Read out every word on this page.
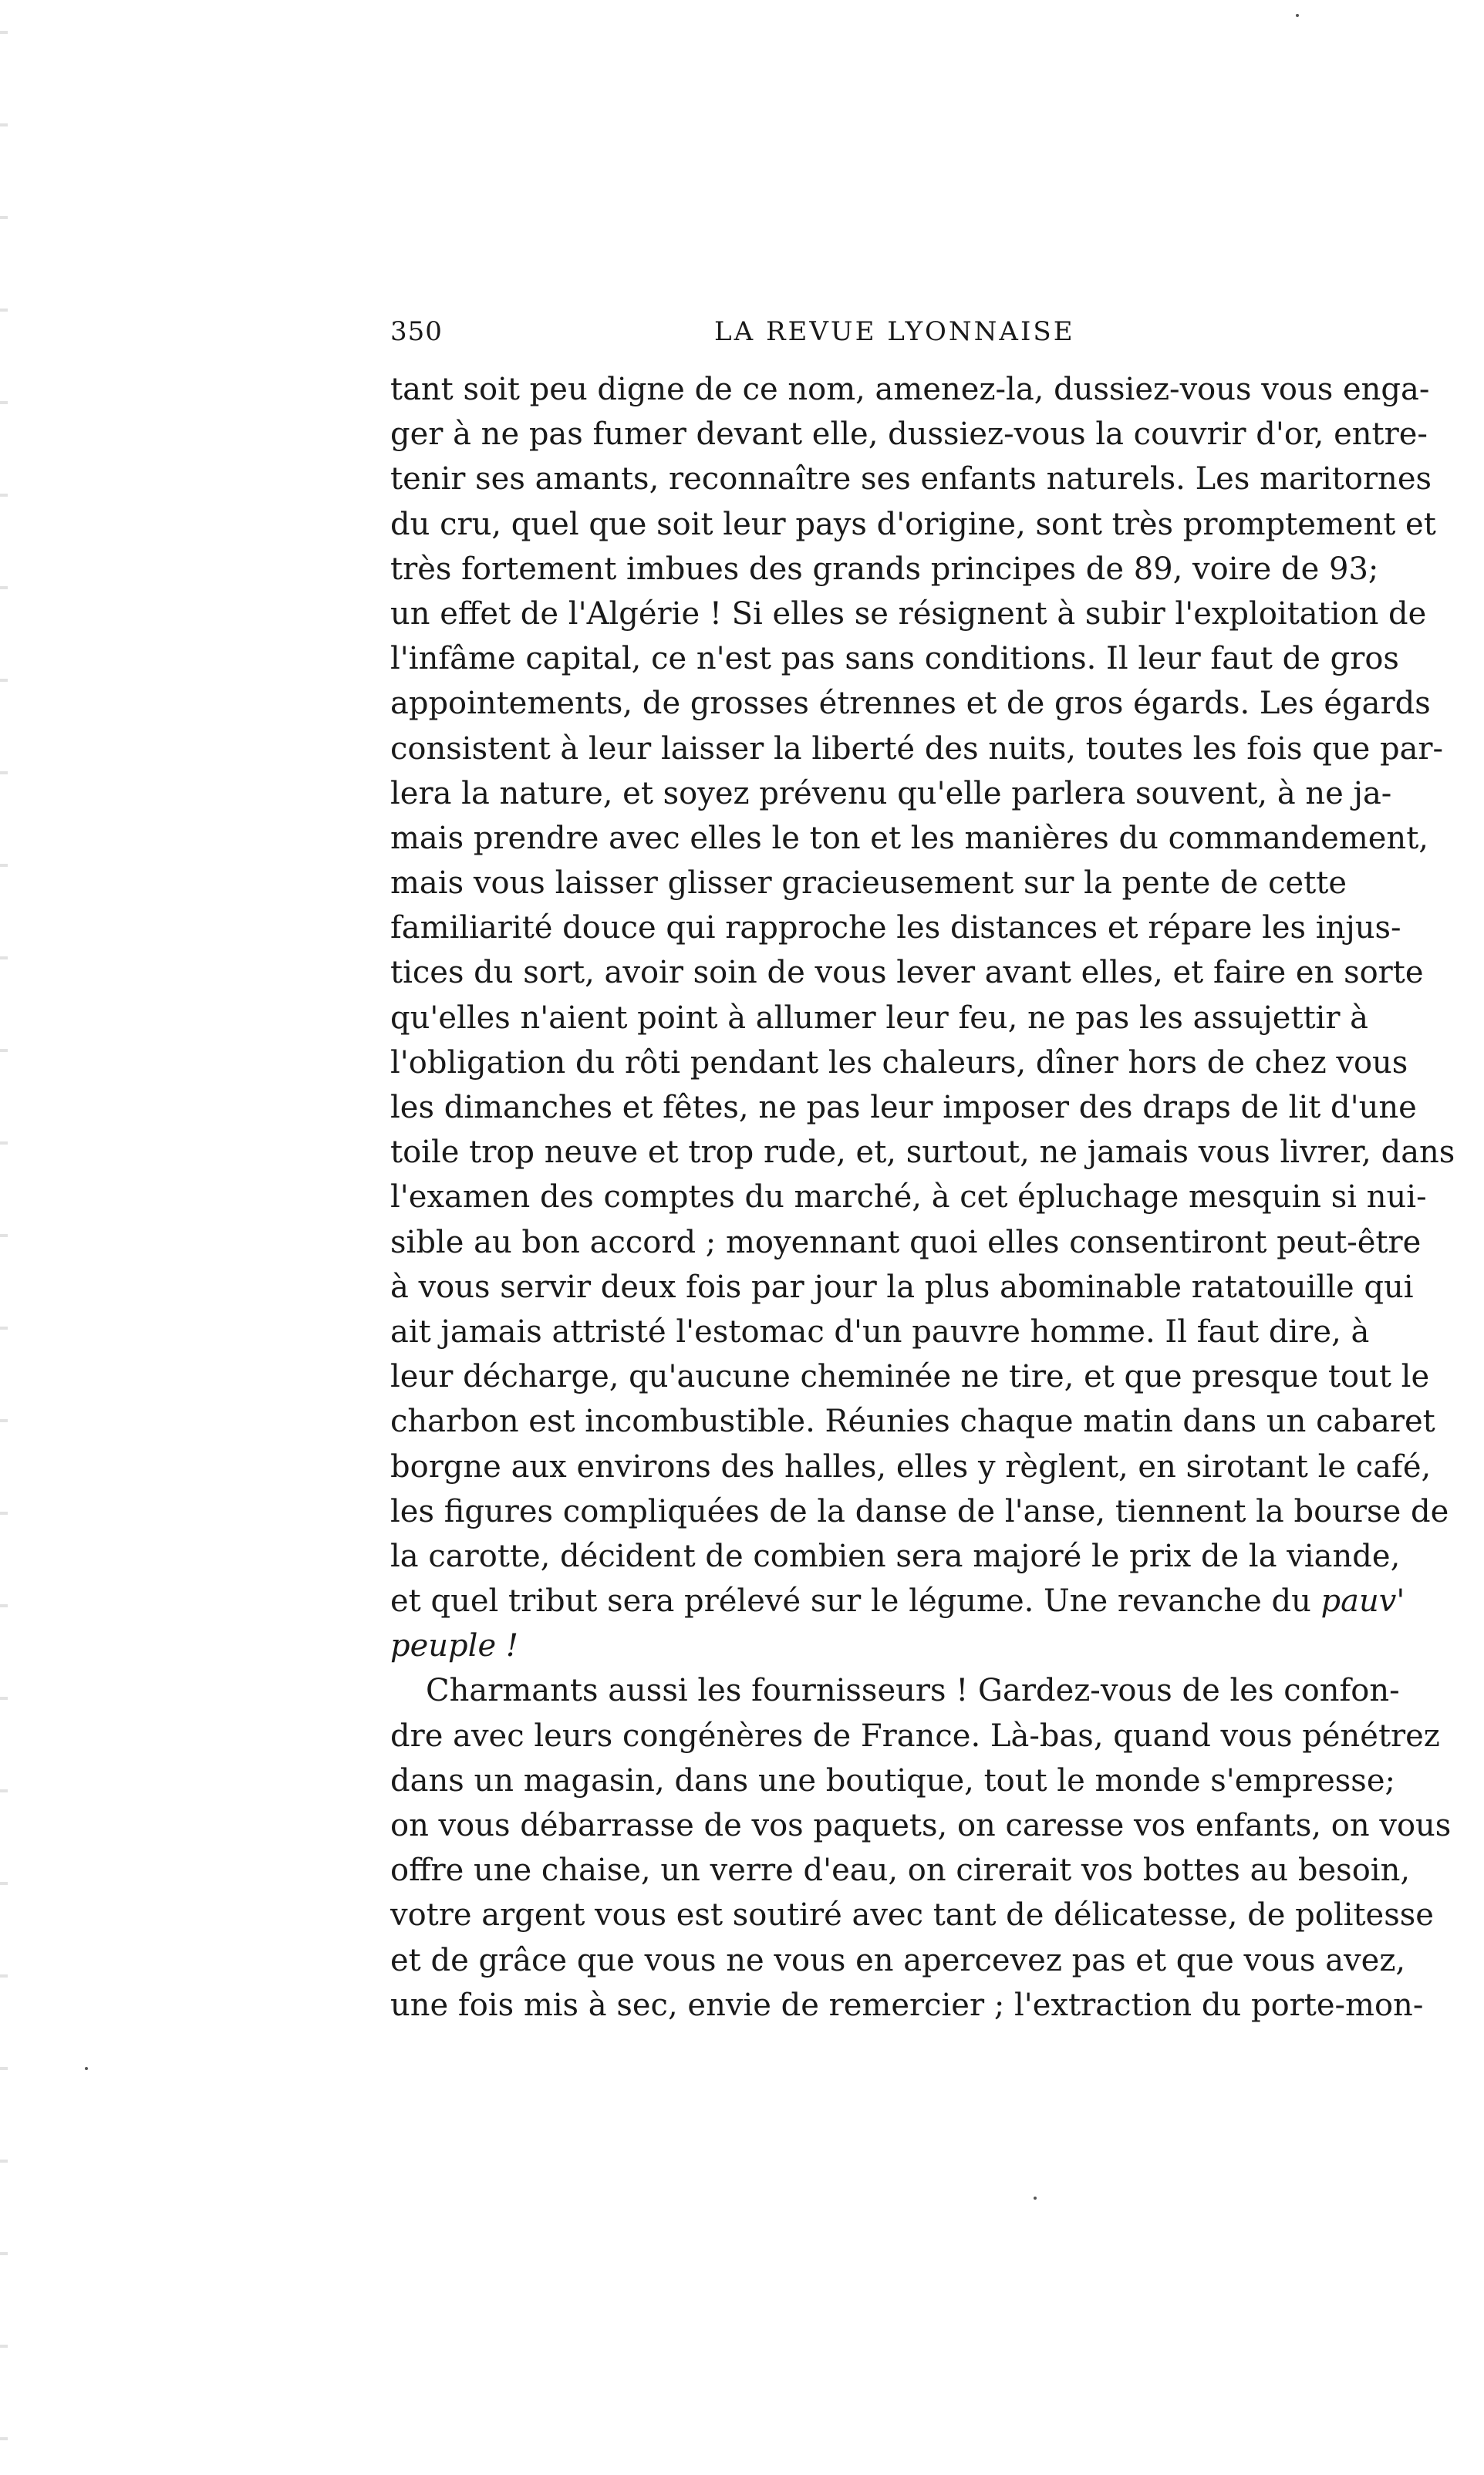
350	LA REVUE LYONNAISE
tant soit peu digne de ce nom, amenez-la, dussiez-vous vous enga-
ger à ne pas fumer devant elle, dussiez-vous la couvrir d'or, entre-
tenir ses amants, reconnaître ses enfants naturels. Les maritornes
du cru, quel que soit leur pays d'origine, sont très promptement et
très fortement imbues des grands principes de 89, voire de 93;
un effet de l'Algérie ! Si elles se résignent à subir l'exploitation de
l'infâme capital, ce n'est pas sans conditions. Il leur faut de gros
appointements, de grosses étrennes et de gros égards. Les égards
consistent à leur laisser la liberté des nuits, toutes les fois que par-
lera la nature, et soyez prévenu qu'elle parlera souvent, à ne ja-
mais prendre avec elles le ton et les manières du commandement,
mais vous laisser glisser gracieusement sur la pente de cette
familiarité douce qui rapproche les distances et répare les injus-
tices du sort, avoir soin de vous lever avant elles, et faire en sorte
qu'elles n'aient point à allumer leur feu, ne pas les assujettir à
l'obligation du rôti pendant les chaleurs, dîner hors de chez vous
les dimanches et fêtes, ne pas leur imposer des draps de lit d'une
toile trop neuve et trop rude, et, surtout, ne jamais vous livrer, dans
l'examen des comptes du marché, à cet épluchage mesquin si nui-
sible au bon accord ; moyennant quoi elles consentiront peut-être
à vous servir deux fois par jour la plus abominable ratatouille qui
ait jamais attristé l'estomac d'un pauvre homme. Il faut dire, à
leur décharge, qu'aucune cheminée ne tire, et que presque tout le
charbon est incombustible. Réunies chaque matin dans un cabaret
borgne aux environs des halles, elles y règlent, en sirotant le café,
les figures compliquées de la danse de l'anse, tiennent la bourse de
la carotte, décident de combien sera majoré le prix de la viande,
et quel tribut sera prélevé sur le légume. Une revanche du pauv'
peuple !
Charmants aussi les fournisseurs ! Gardez-vous de les confon-
dre avec leurs congénères de France. Là-bas, quand vous pénétrez
dans un magasin, dans une boutique, tout le monde s'empresse;
on vous débarrasse de vos paquets, on caresse vos enfants, on vous
offre une chaise, un verre d'eau, on cirerait vos bottes au besoin,
votre argent vous est soutiré avec tant de délicatesse, de politesse
et de grâce que vous ne vous en apercevez pas et que vous avez,
une fois mis à sec, envie de remercier ; l'extraction du porte-mon-
